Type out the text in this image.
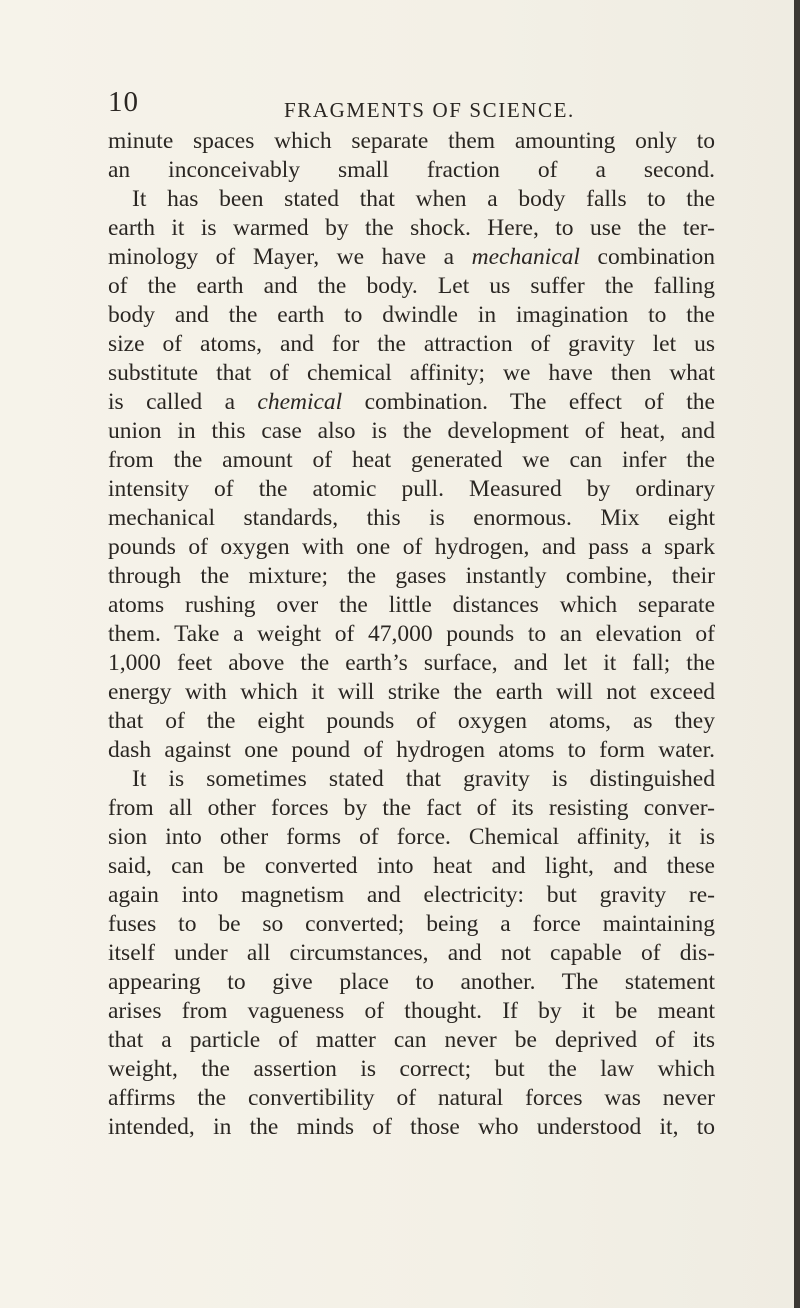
10	FRAGMENTS OF SCIENCE.
minute spaces which separate them amounting only to
an inconceivably small fraction of a second.
It has been stated that when a body falls to the
earth it is warmed by the shock. Here, to use the ter-
minology of Mayer, we have a mechanical combination
of the earth and the body. Let us suffer the falling
body and the earth to dwindle in imagination to the
size of atoms, and for the attraction of gravity let us
substitute that of chemical affinity; we have then what
is called a chemical combination. The effect of the
union in this case also is the development of heat, and
from the amount of heat generated we can infer the
intensity of the atomic pull. Measured by ordinary
mechanical standards, this is enormous. Mix eight
pounds of oxygen with one of hydrogen, and pass a spark
through the mixture; the gases instantly combine, their
atoms rushing over the little distances which separate
them. Take a weight of 47,000 pounds to an elevation of
1,000 feet above the earth’s surface, and let it fall; the
energy with which it will strike the earth will not exceed
that of the eight pounds of oxygen atoms, as they
dash against one pound of hydrogen atoms to form water.
It is sometimes stated that gravity is distinguished
from all other forces by the fact of its resisting conver-
sion into other forms of force. Chemical affinity, it is
said, can be converted into heat and light, and these
again into magnetism and electricity: but gravity re-
fuses to be so converted; being a force maintaining
itself under all circumstances, and not capable of dis-
appearing to give place to another. The statement
arises from vagueness of thought. If by it be meant
that a particle of matter can never be deprived of its
weight, the assertion is correct; but the law which
affirms the convertibility of natural forces was never
intended, in the minds of those who understood it, to
